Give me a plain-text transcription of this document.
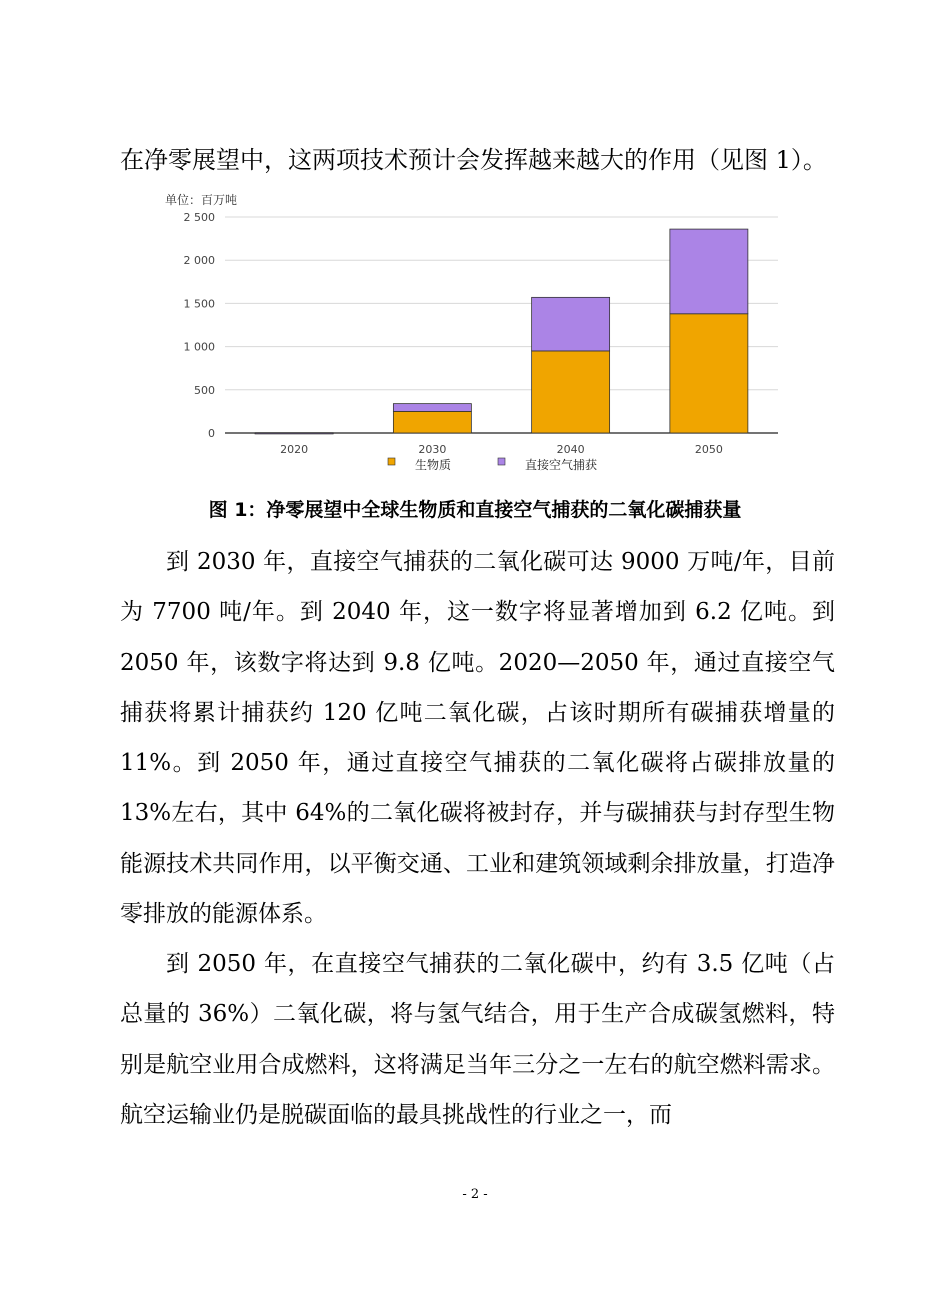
在净零展望中，这两项技术预计会发挥越来越大的作用（见图 1）。
单位：百万吨
0
500
1 000
1 500
2 000
2 500
2020	2030	2040	2050
生物质	直接空气捕获
图 1：净零展望中全球生物质和直接空气捕获的二氧化碳捕获量

到 2030 年，直接空气捕获的二氧化碳可达 9000 万吨/年，目前为 7700 吨/年。到 2040 年，这一数字将显著增加到 6.2 亿吨。到 2050 年，该数字将达到 9.8 亿吨。2020—2050 年，通过直接空气捕获将累计捕获约 120 亿吨二氧化碳，占该时期所有碳捕获增量的 11%。到 2050 年，通过直接空气捕获的二氧化碳将占碳排放量的 13%左右，其中 64%的二氧化碳将被封存，并与碳捕获与封存型生物能源技术共同作用，以平衡交通、工业和建筑领域剩余排放量，打造净零排放的能源体系。

到 2050 年，在直接空气捕获的二氧化碳中，约有 3.5 亿吨（占总量的 36%）二氧化碳，将与氢气结合，用于生产合成碳氢燃料，特别是航空业用合成燃料，这将满足当年三分之一左右的航空燃料需求。航空运输业仍是脱碳面临的最具挑战性的行业之一，而

- 2 -
